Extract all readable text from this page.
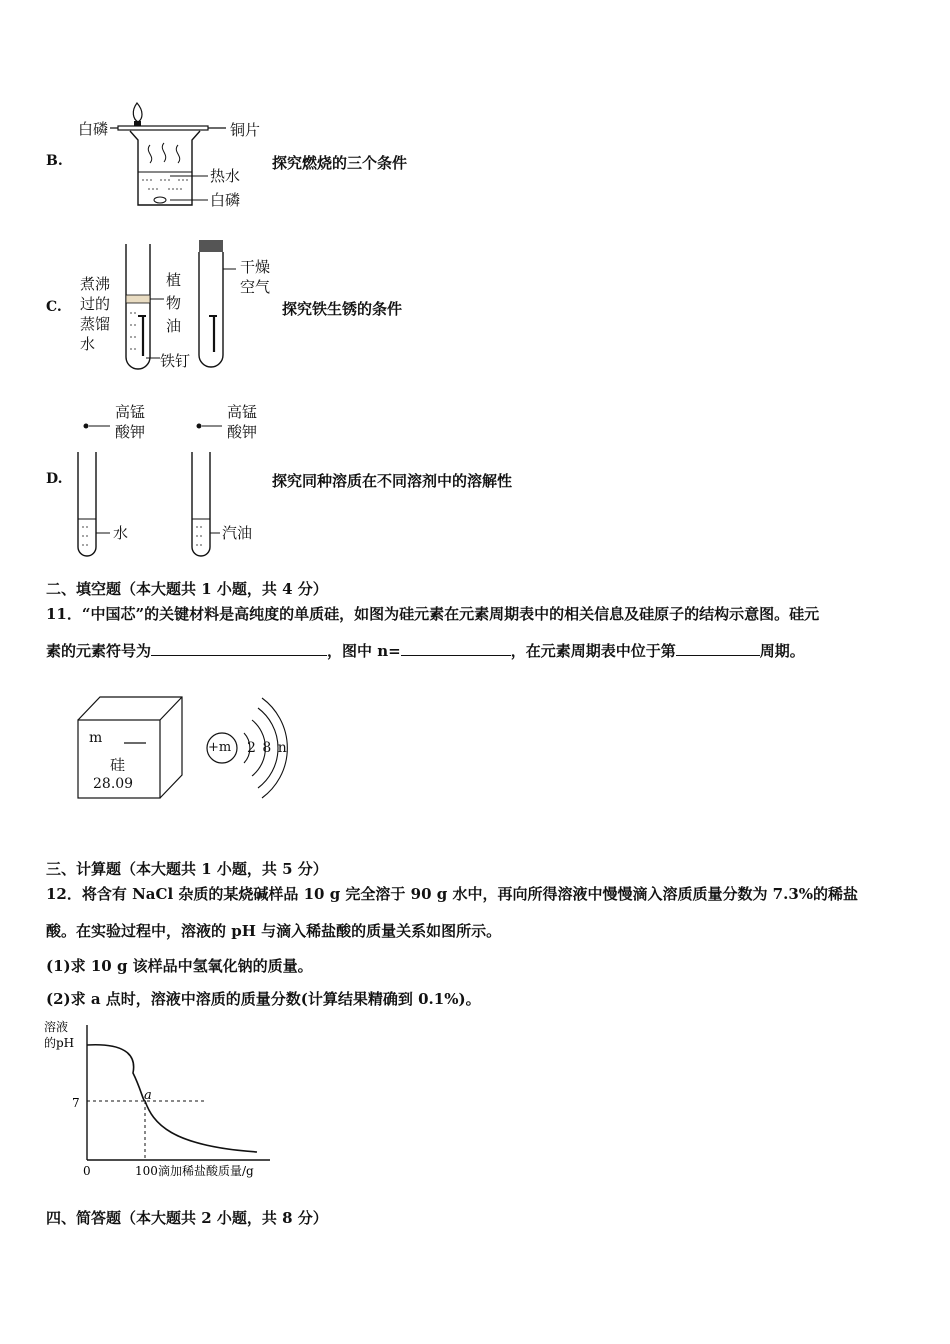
B.	探究燃烧的三个条件
白磷	铜片
热水
白磷
C.	探究铁生锈的条件
煮沸
过的
蒸馏
水
植
物
油
干燥
空气
铁钉
D.	探究同种溶质在不同溶剂中的溶解性
高锰
酸钾
高锰
酸钾
水	汽油
二、填空题（本大题共 1 小题，共 4 分）
11．“中国芯”的关键材料是高纯度的单质硅，如图为硅元素在元素周期表中的相关信息及硅原子的结构示意图。硅元
素的元素符号为	，图中 n=	，在元素周期表中位于第	周期。
m
硅
28.09
+m 2 8 n
三、计算题（本大题共 1 小题，共 5 分）
12．将含有 NaCl 杂质的某烧碱样品 10 g 完全溶于 90 g 水中，再向所得溶液中慢慢滴入溶质质量分数为 7.3%的稀盐
酸。在实验过程中，溶液的 pH 与滴入稀盐酸的质量关系如图所示。
(1)求 10 g 该样品中氢氧化钠的质量。
(2)求 a 点时，溶液中溶质的质量分数(计算结果精确到 0.1%)。
溶液
的pH
7
0	100 滴加稀盐酸质量/g
a
四、简答题（本大题共 2 小题，共 8 分）
